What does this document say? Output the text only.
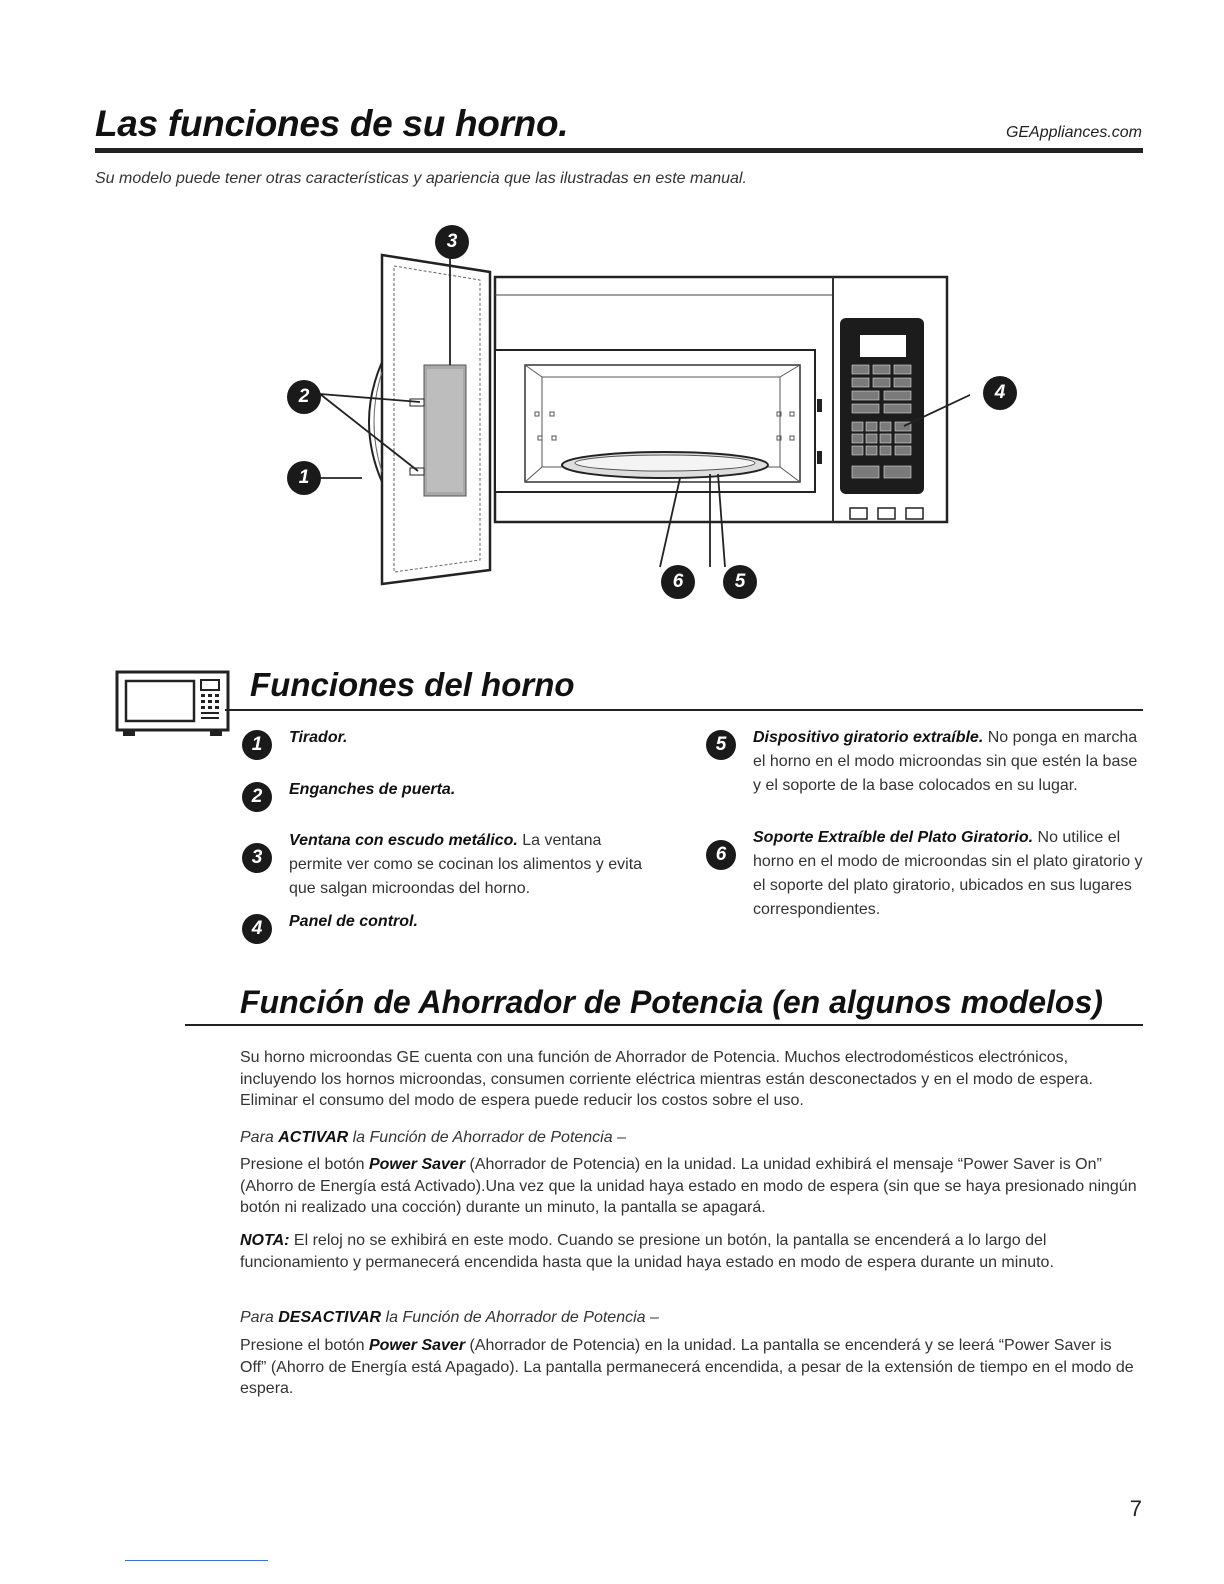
Las funciones de su horno.	GEAppliances.com
Su modelo puede tener otras características y apariencia que las ilustradas en este manual.
3
2
1
4
6	5
Funciones del horno
1	Tirador.
2	Enganches de puerta.
3
Ventana con escudo metálico. La ventana permite ver como se cocinan los alimentos y evita que salgan microondas del horno.
4	Panel de control.
5	Dispositivo giratorio extraíble. No ponga en marcha el horno en el modo microondas sin que estén la base y el soporte de la base colocados en su lugar.
6
Soporte Extraíble del Plato Giratorio. No utilice el horno en el modo de microondas sin el plato giratorio y el soporte del plato giratorio, ubicados en sus lugares correspondientes.
Función de Ahorrador de Potencia (en algunos modelos)
Su horno microondas GE cuenta con una función de Ahorrador de Potencia. Muchos electrodomésticos electrónicos, incluyendo los hornos microondas, consumen corriente eléctrica mientras están desconectados y en el modo de espera. Eliminar el consumo del modo de espera puede reducir los costos sobre el uso.
Para ACTIVAR la Función de Ahorrador de Potencia –
Presione el botón Power Saver (Ahorrador de Potencia) en la unidad. La unidad exhibirá el mensaje “Power Saver is On” (Ahorro de Energía está Activado).Una vez que la unidad haya estado en modo de espera (sin que se haya presionado ningún botón ni realizado una cocción) durante un minuto, la pantalla se apagará.
NOTA: El reloj no se exhibirá en este modo. Cuando se presione un botón, la pantalla se encenderá a lo largo del funcionamiento y permanecerá encendida hasta que la unidad haya estado en modo de espera durante un minuto.
Para DESACTIVAR la Función de Ahorrador de Potencia –
Presione el botón Power Saver (Ahorrador de Potencia) en la unidad. La pantalla se encenderá y se leerá “Power Saver is Off” (Ahorro de Energía está Apagado). La pantalla permanecerá encendida, a pesar de la extensión de tiempo en el modo de espera.
7
